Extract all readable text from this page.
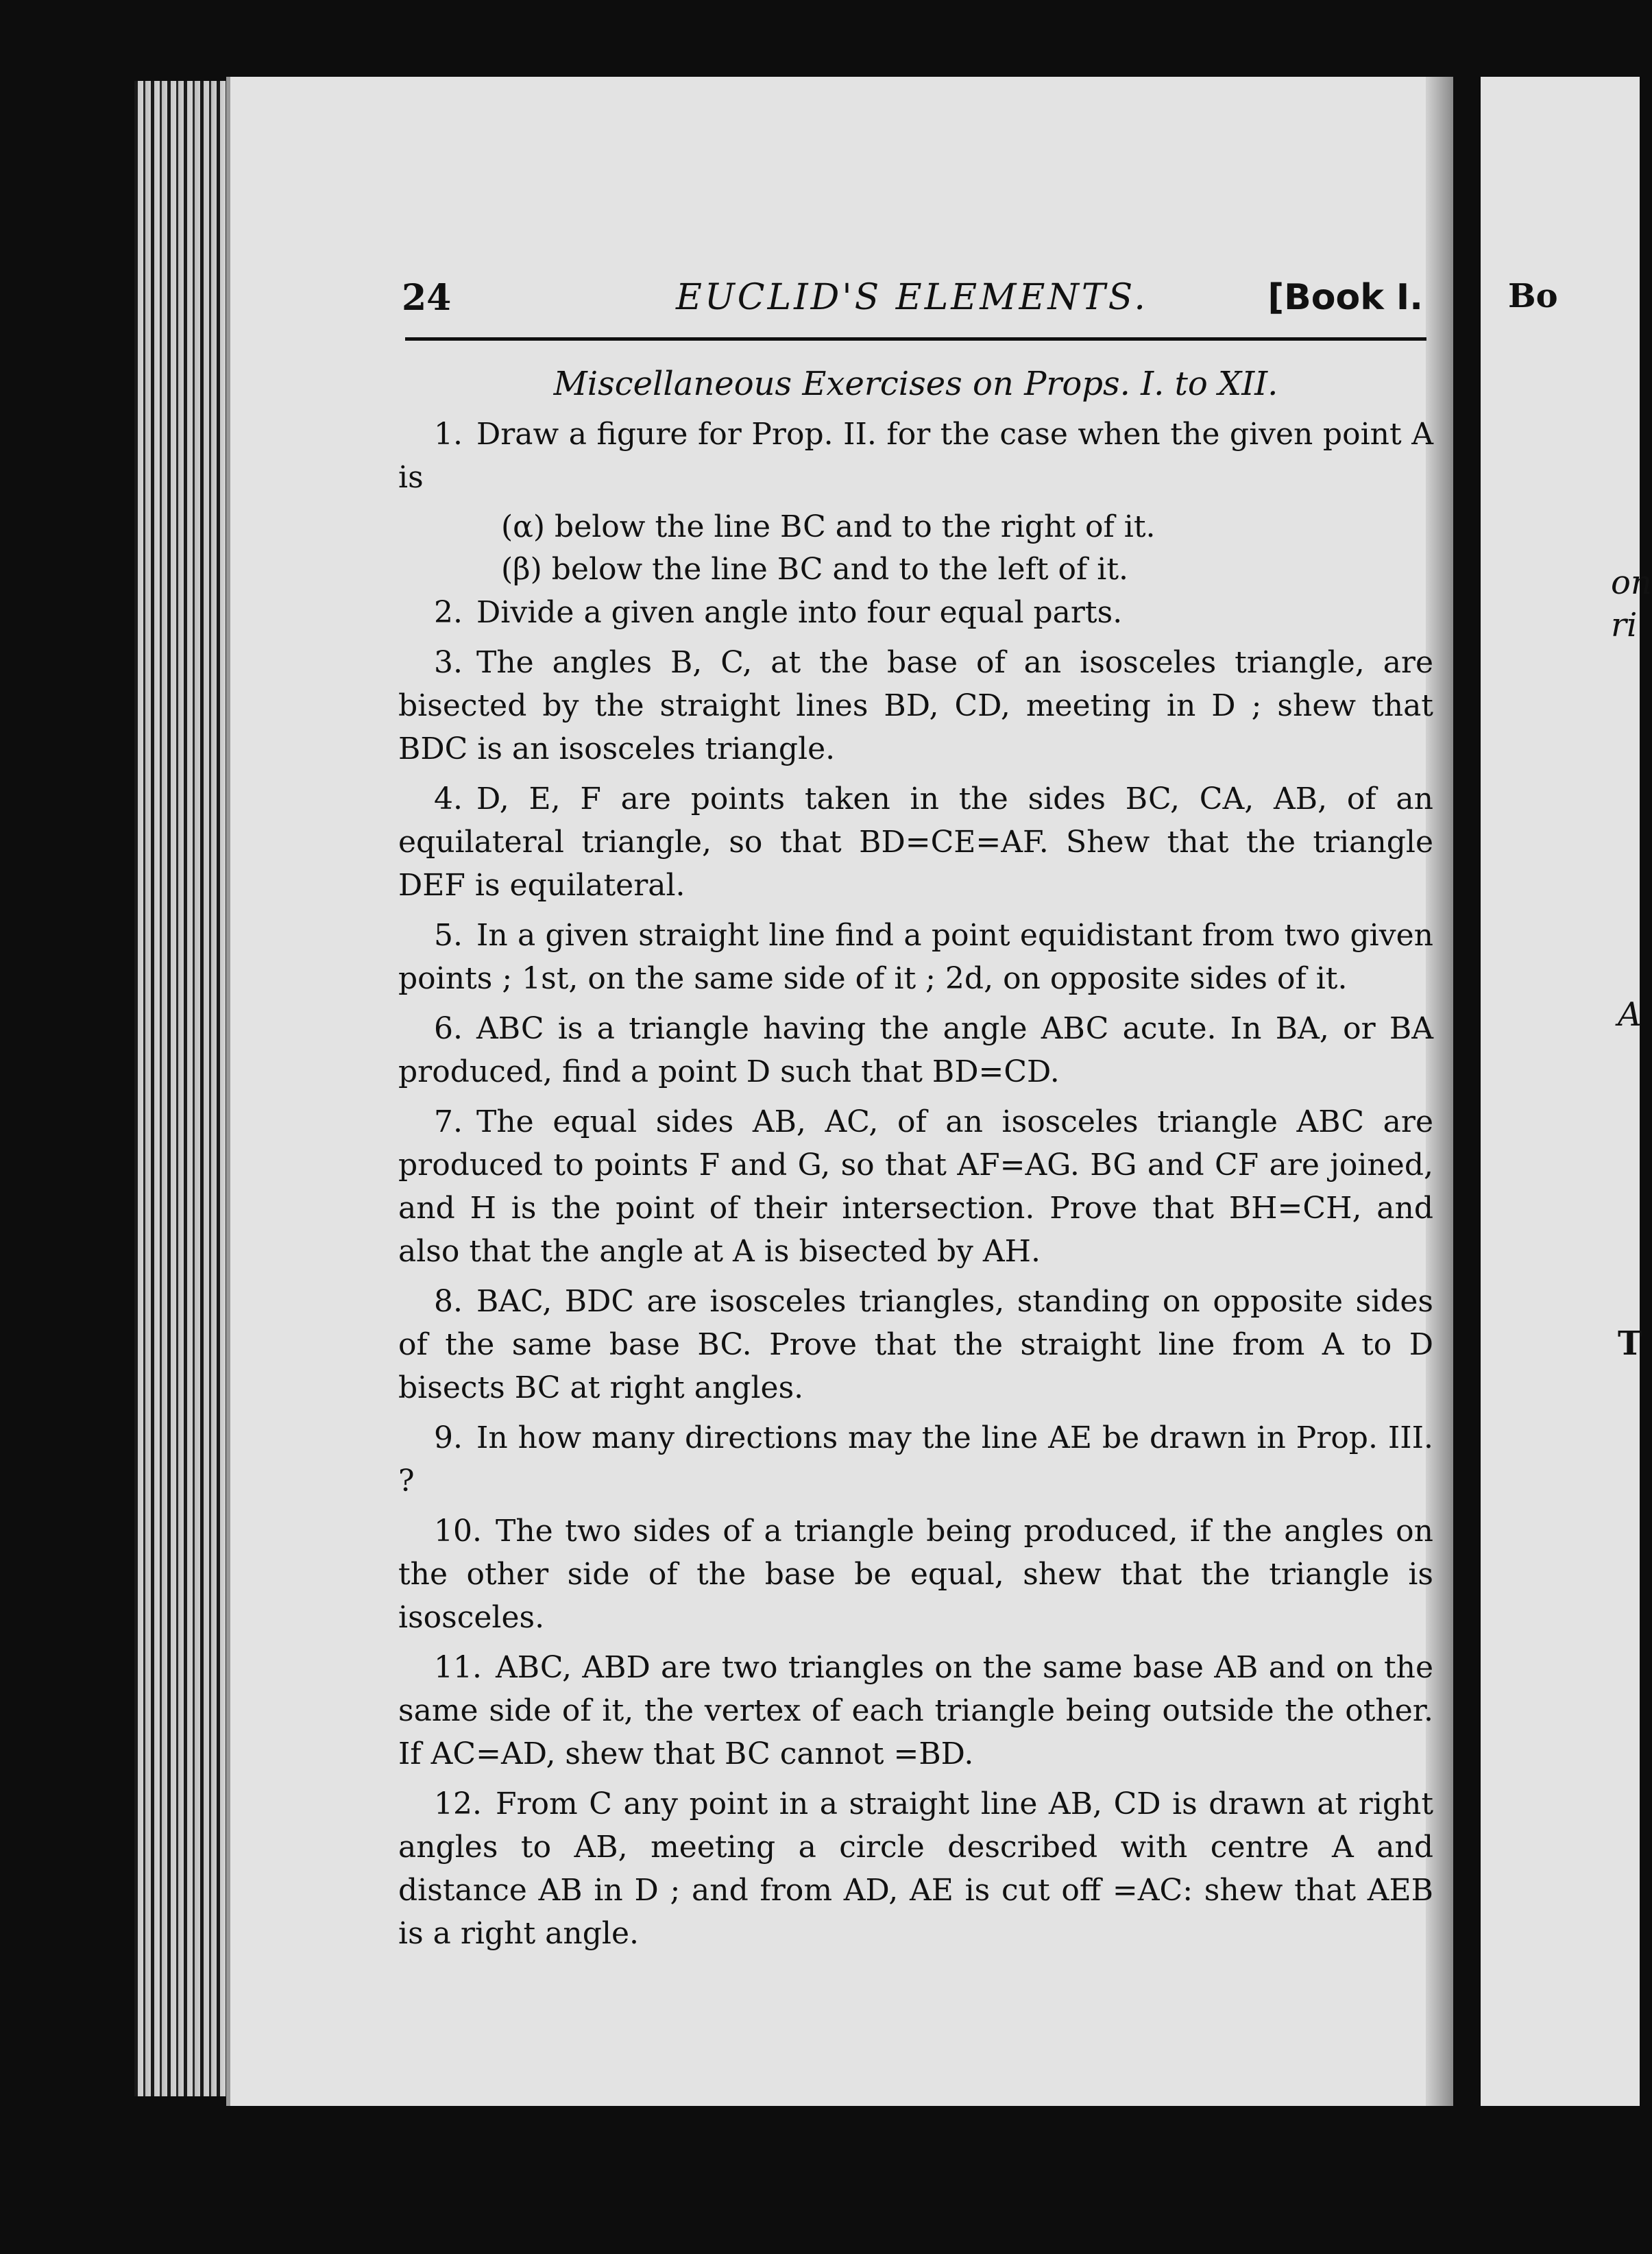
24	EUCLID'S ELEMENTS.	[Book I.
Miscellaneous Exercises on Props. I. to XII.
1. Draw a figure for Prop. II. for the case when the given point A is
(α) below the line BC and to the right of it.
(β) below the line BC and to the left of it.
2. Divide a given angle into four equal parts.
3. The angles B, C, at the base of an isosceles triangle, are bisected by the straight lines BD, CD, meeting in D ; shew that BDC is an isosceles triangle.
4. D, E, F are points taken in the sides BC, CA, AB, of an equilateral triangle, so that BD=CE=AF. Shew that the triangle DEF is equilateral.
5. In a given straight line find a point equidistant from two given points ; 1st, on the same side of it ; 2d, on opposite sides of it.
6. ABC is a triangle having the angle ABC acute. In BA, or BA produced, find a point D such that BD=CD.
7. The equal sides AB, AC, of an isosceles triangle ABC are produced to points F and G, so that AF=AG. BG and CF are joined, and H is the point of their intersection. Prove that BH=CH, and also that the angle at A is bisected by AH.
8. BAC, BDC are isosceles triangles, standing on opposite sides of the same base BC. Prove that the straight line from A to D bisects BC at right angles.
9. In how many directions may the line AE be drawn in Prop. III. ?
10. The two sides of a triangle being produced, if the angles on the other side of the base be equal, shew that the triangle is isosceles.
11. ABC, ABD are two triangles on the same base AB and on the same side of it, the vertex of each triangle being outside the other. If AC=AD, shew that BC cannot =BD.
12. From C any point in a straight line AB, CD is drawn at right angles to AB, meeting a circle described with centre A and distance AB in D ; and from AD, AE is cut off =AC: shew that AEB is a right angle.
Bo
on
ri
A
T
